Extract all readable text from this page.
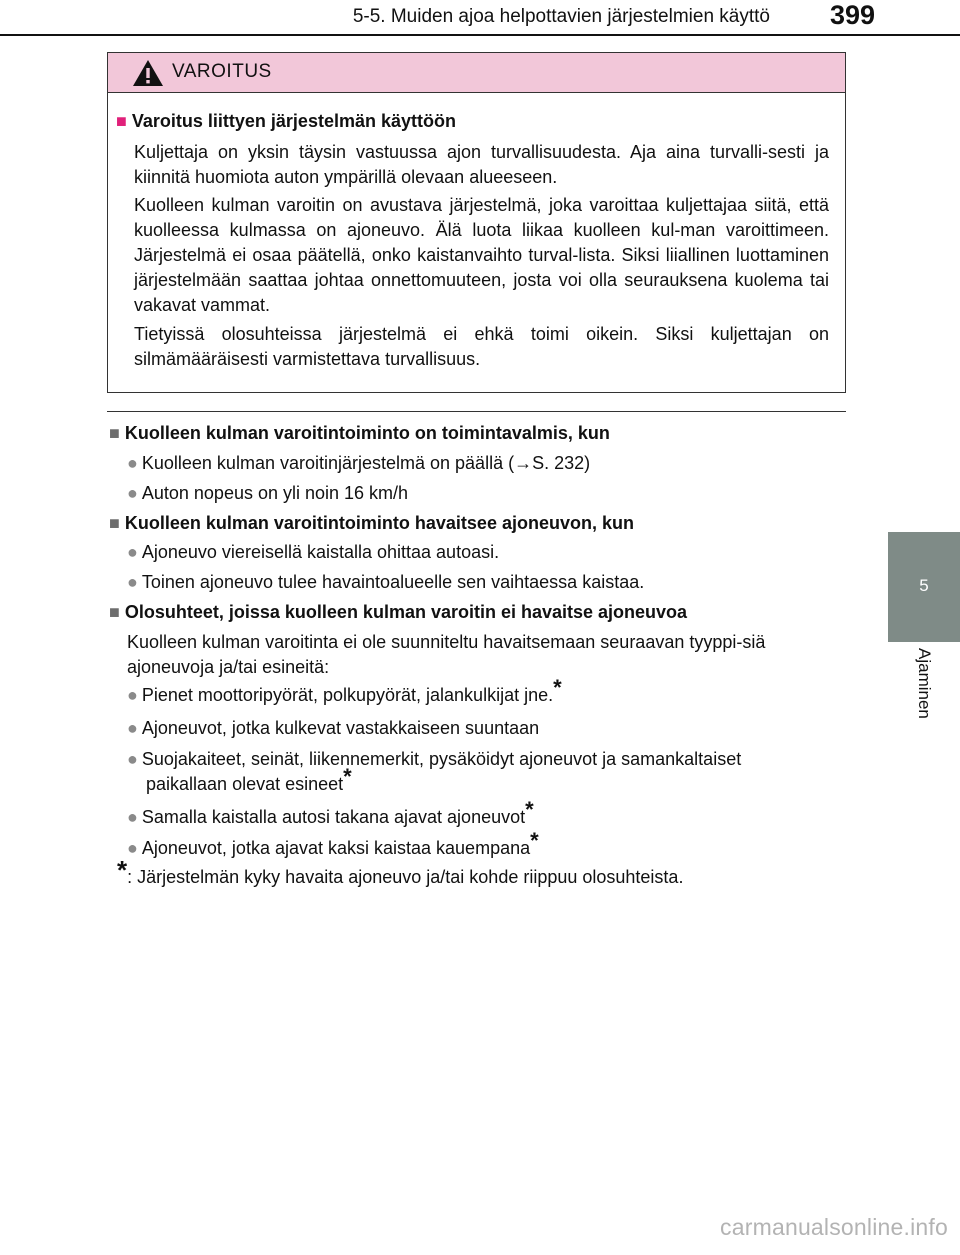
5-5. Muiden ajoa helpottavien järjestelmien käyttö 399
5
Ajaminen
VAROITUS
■ Varoitus liittyen järjestelmän käyttöön
Kuljettaja on yksin täysin vastuussa ajon turvallisuudesta. Aja aina turvalli-sesti ja kiinnitä huomiota auton ympärillä olevaan alueeseen.
Kuolleen kulman varoitin on avustava järjestelmä, joka varoittaa kuljettajaa siitä, että kuolleessa kulmassa on ajoneuvo. Älä luota liikaa kuolleen kul-man varoittimeen. Järjestelmä ei osaa päätellä, onko kaistanvaihto turval-lista. Siksi liiallinen luottaminen järjestelmään saattaa johtaa onnettomuuteen, josta voi olla seurauksena kuolema tai vakavat vammat.
Tietyissä olosuhteissa järjestelmä ei ehkä toimi oikein. Siksi kuljettajan on silmämääräisesti varmistettava turvallisuus.
■ Kuolleen kulman varoitintoiminto on toimintavalmis, kun
● Kuolleen kulman varoitinjärjestelmä on päällä (→S. 232)
● Auton nopeus on yli noin 16 km/h
■ Kuolleen kulman varoitintoiminto havaitsee ajoneuvon, kun
● Ajoneuvo viereisellä kaistalla ohittaa autoasi.
● Toinen ajoneuvo tulee havaintoalueelle sen vaihtaessa kaistaa.
■ Olosuhteet, joissa kuolleen kulman varoitin ei havaitse ajoneuvoa
Kuolleen kulman varoitinta ei ole suunniteltu havaitsemaan seuraavan tyyppi-siä ajoneuvoja ja/tai esineitä:
● Pienet moottoripyörät, polkupyörät, jalankulkijat jne.*
● Ajoneuvot, jotka kulkevat vastakkaiseen suuntaan
● Suojakaiteet, seinät, liikennemerkit, pysäköidyt ajoneuvot ja samankaltaiset
paikallaan olevat esineet*
● Samalla kaistalla autosi takana ajavat ajoneuvot*
● Ajoneuvot, jotka ajavat kaksi kaistaa kauempana*
*: Järjestelmän kyky havaita ajoneuvo ja/tai kohde riippuu olosuhteista.
carmanualsonline.info
